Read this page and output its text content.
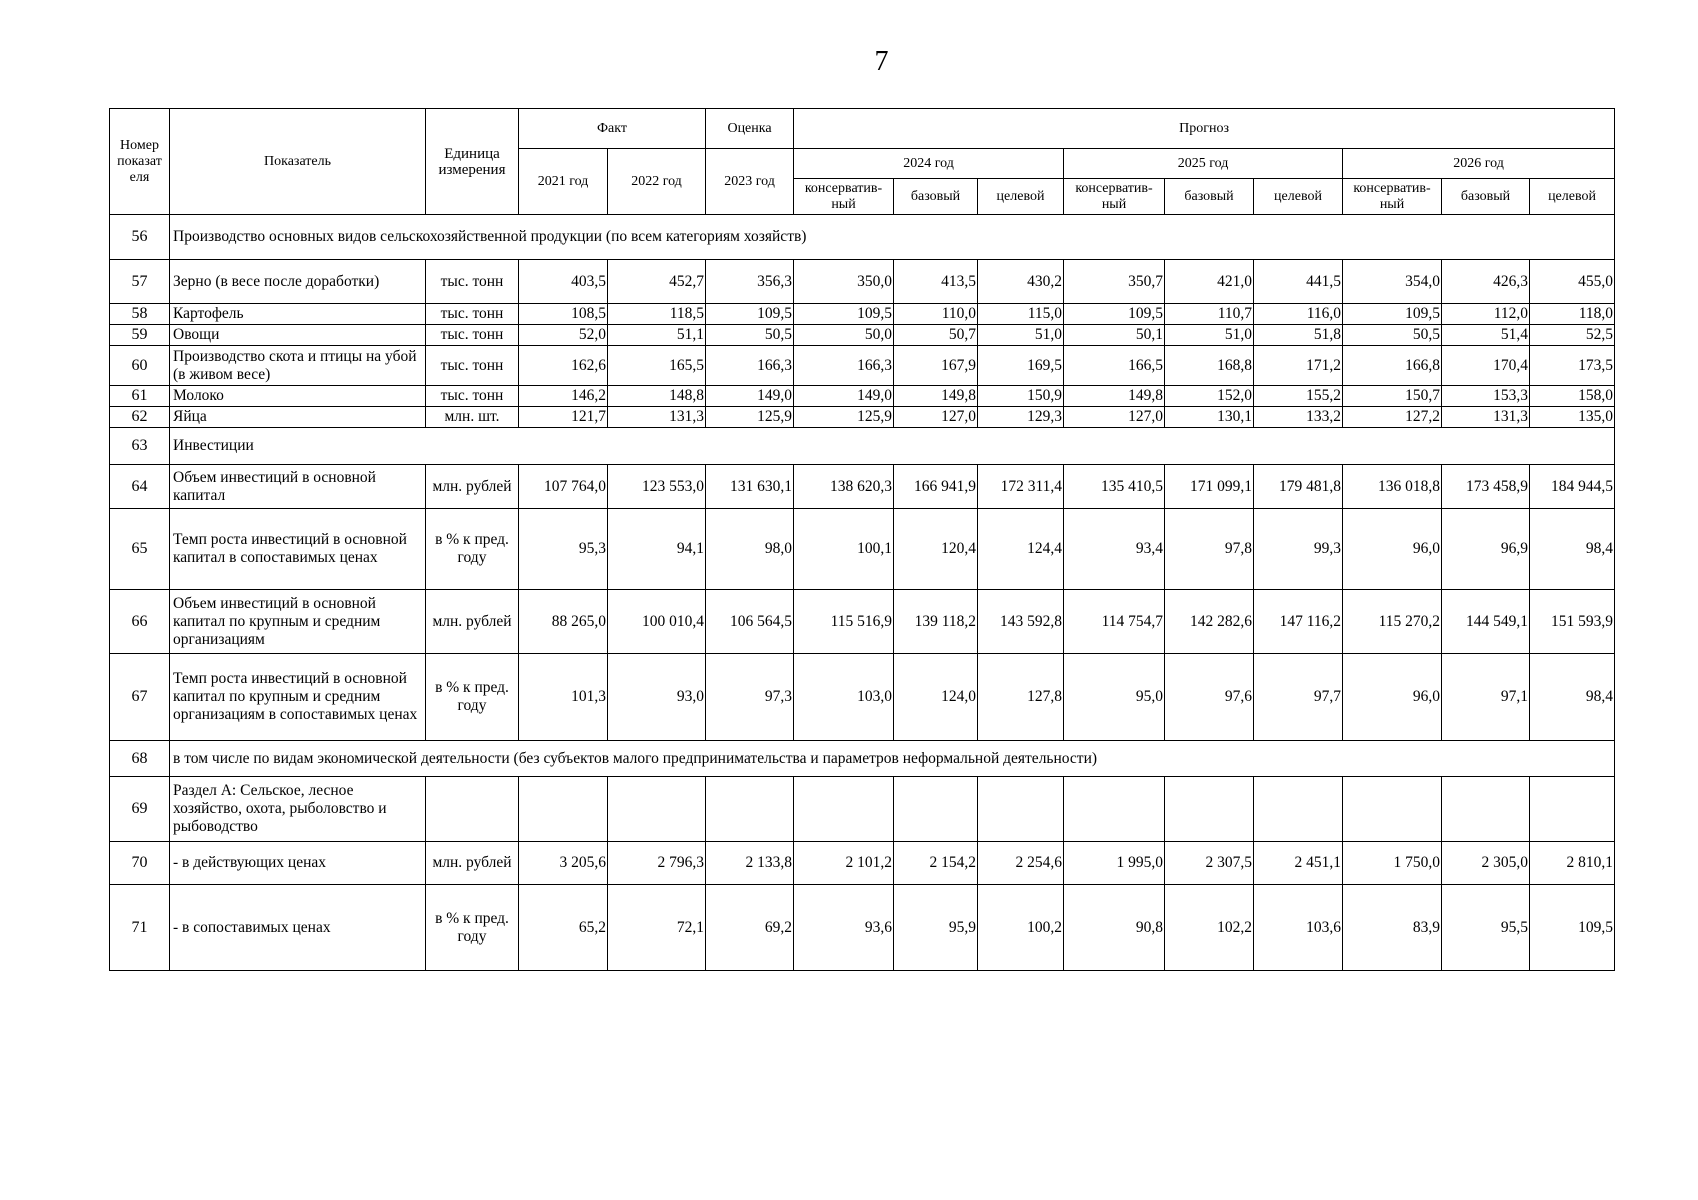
7
Номер показат еля	Показатель	Единица измерения	Факт		Оценка	Прогноз								
			2021 год	2022 год	2023 год	2024 год			2025 год			2026 год		
						консерватив-ный	базовый	целевой	консерватив-ный	базовый	целевой	консерватив-ный	базовый	целевой
56	Производство основных видов сельскохозяйственной продукции (по всем категориям хозяйств)													
57	Зерно (в весе после доработки)	тыс. тонн	403,5	452,7	356,3	350,0	413,5	430,2	350,7	421,0	441,5	354,0	426,3	455,0
58	Картофель	тыс. тонн	108,5	118,5	109,5	109,5	110,0	115,0	109,5	110,7	116,0	109,5	112,0	118,0
59	Овощи	тыс. тонн	52,0	51,1	50,5	50,0	50,7	51,0	50,1	51,0	51,8	50,5	51,4	52,5
60	Производство скота и птицы на убой (в живом весе)	тыс. тонн	162,6	165,5	166,3	166,3	167,9	169,5	166,5	168,8	171,2	166,8	170,4	173,5
61	Молоко	тыс. тонн	146,2	148,8	149,0	149,0	149,8	150,9	149,8	152,0	155,2	150,7	153,3	158,0
62	Яйца	млн. шт.	121,7	131,3	125,9	125,9	127,0	129,3	127,0	130,1	133,2	127,2	131,3	135,0
63	Инвестиции													
64	Объем инвестиций в основной капитал	млн. рублей	107 764,0	123 553,0	131 630,1	138 620,3	166 941,9	172 311,4	135 410,5	171 099,1	179 481,8	136 018,8	173 458,9	184 944,5
65	Темп роста инвестиций в основной капитал в сопоставимых ценах	в % к пред. году	95,3	94,1	98,0	100,1	120,4	124,4	93,4	97,8	99,3	96,0	96,9	98,4
66	Объем инвестиций в основной капитал по крупным и средним организациям	млн. рублей	88 265,0	100 010,4	106 564,5	115 516,9	139 118,2	143 592,8	114 754,7	142 282,6	147 116,2	115 270,2	144 549,1	151 593,9
67	Темп роста инвестиций в основной капитал по крупным и средним организациям в сопоставимых ценах	в % к пред. году	101,3	93,0	97,3	103,0	124,0	127,8	95,0	97,6	97,7	96,0	97,1	98,4
68	в том числе по видам экономической деятельности (без субъектов малого предпринимательства и параметров неформальной деятельности)													
69	Раздел А: Сельское, лесное хозяйство, охота, рыболовство и рыбоводство													
70	- в действующих ценах	млн. рублей	3 205,6	2 796,3	2 133,8	2 101,2	2 154,2	2 254,6	1 995,0	2 307,5	2 451,1	1 750,0	2 305,0	2 810,1
71	- в сопоставимых ценах	в % к пред. году	65,2	72,1	69,2	93,6	95,9	100,2	90,8	102,2	103,6	83,9	95,5	109,5
